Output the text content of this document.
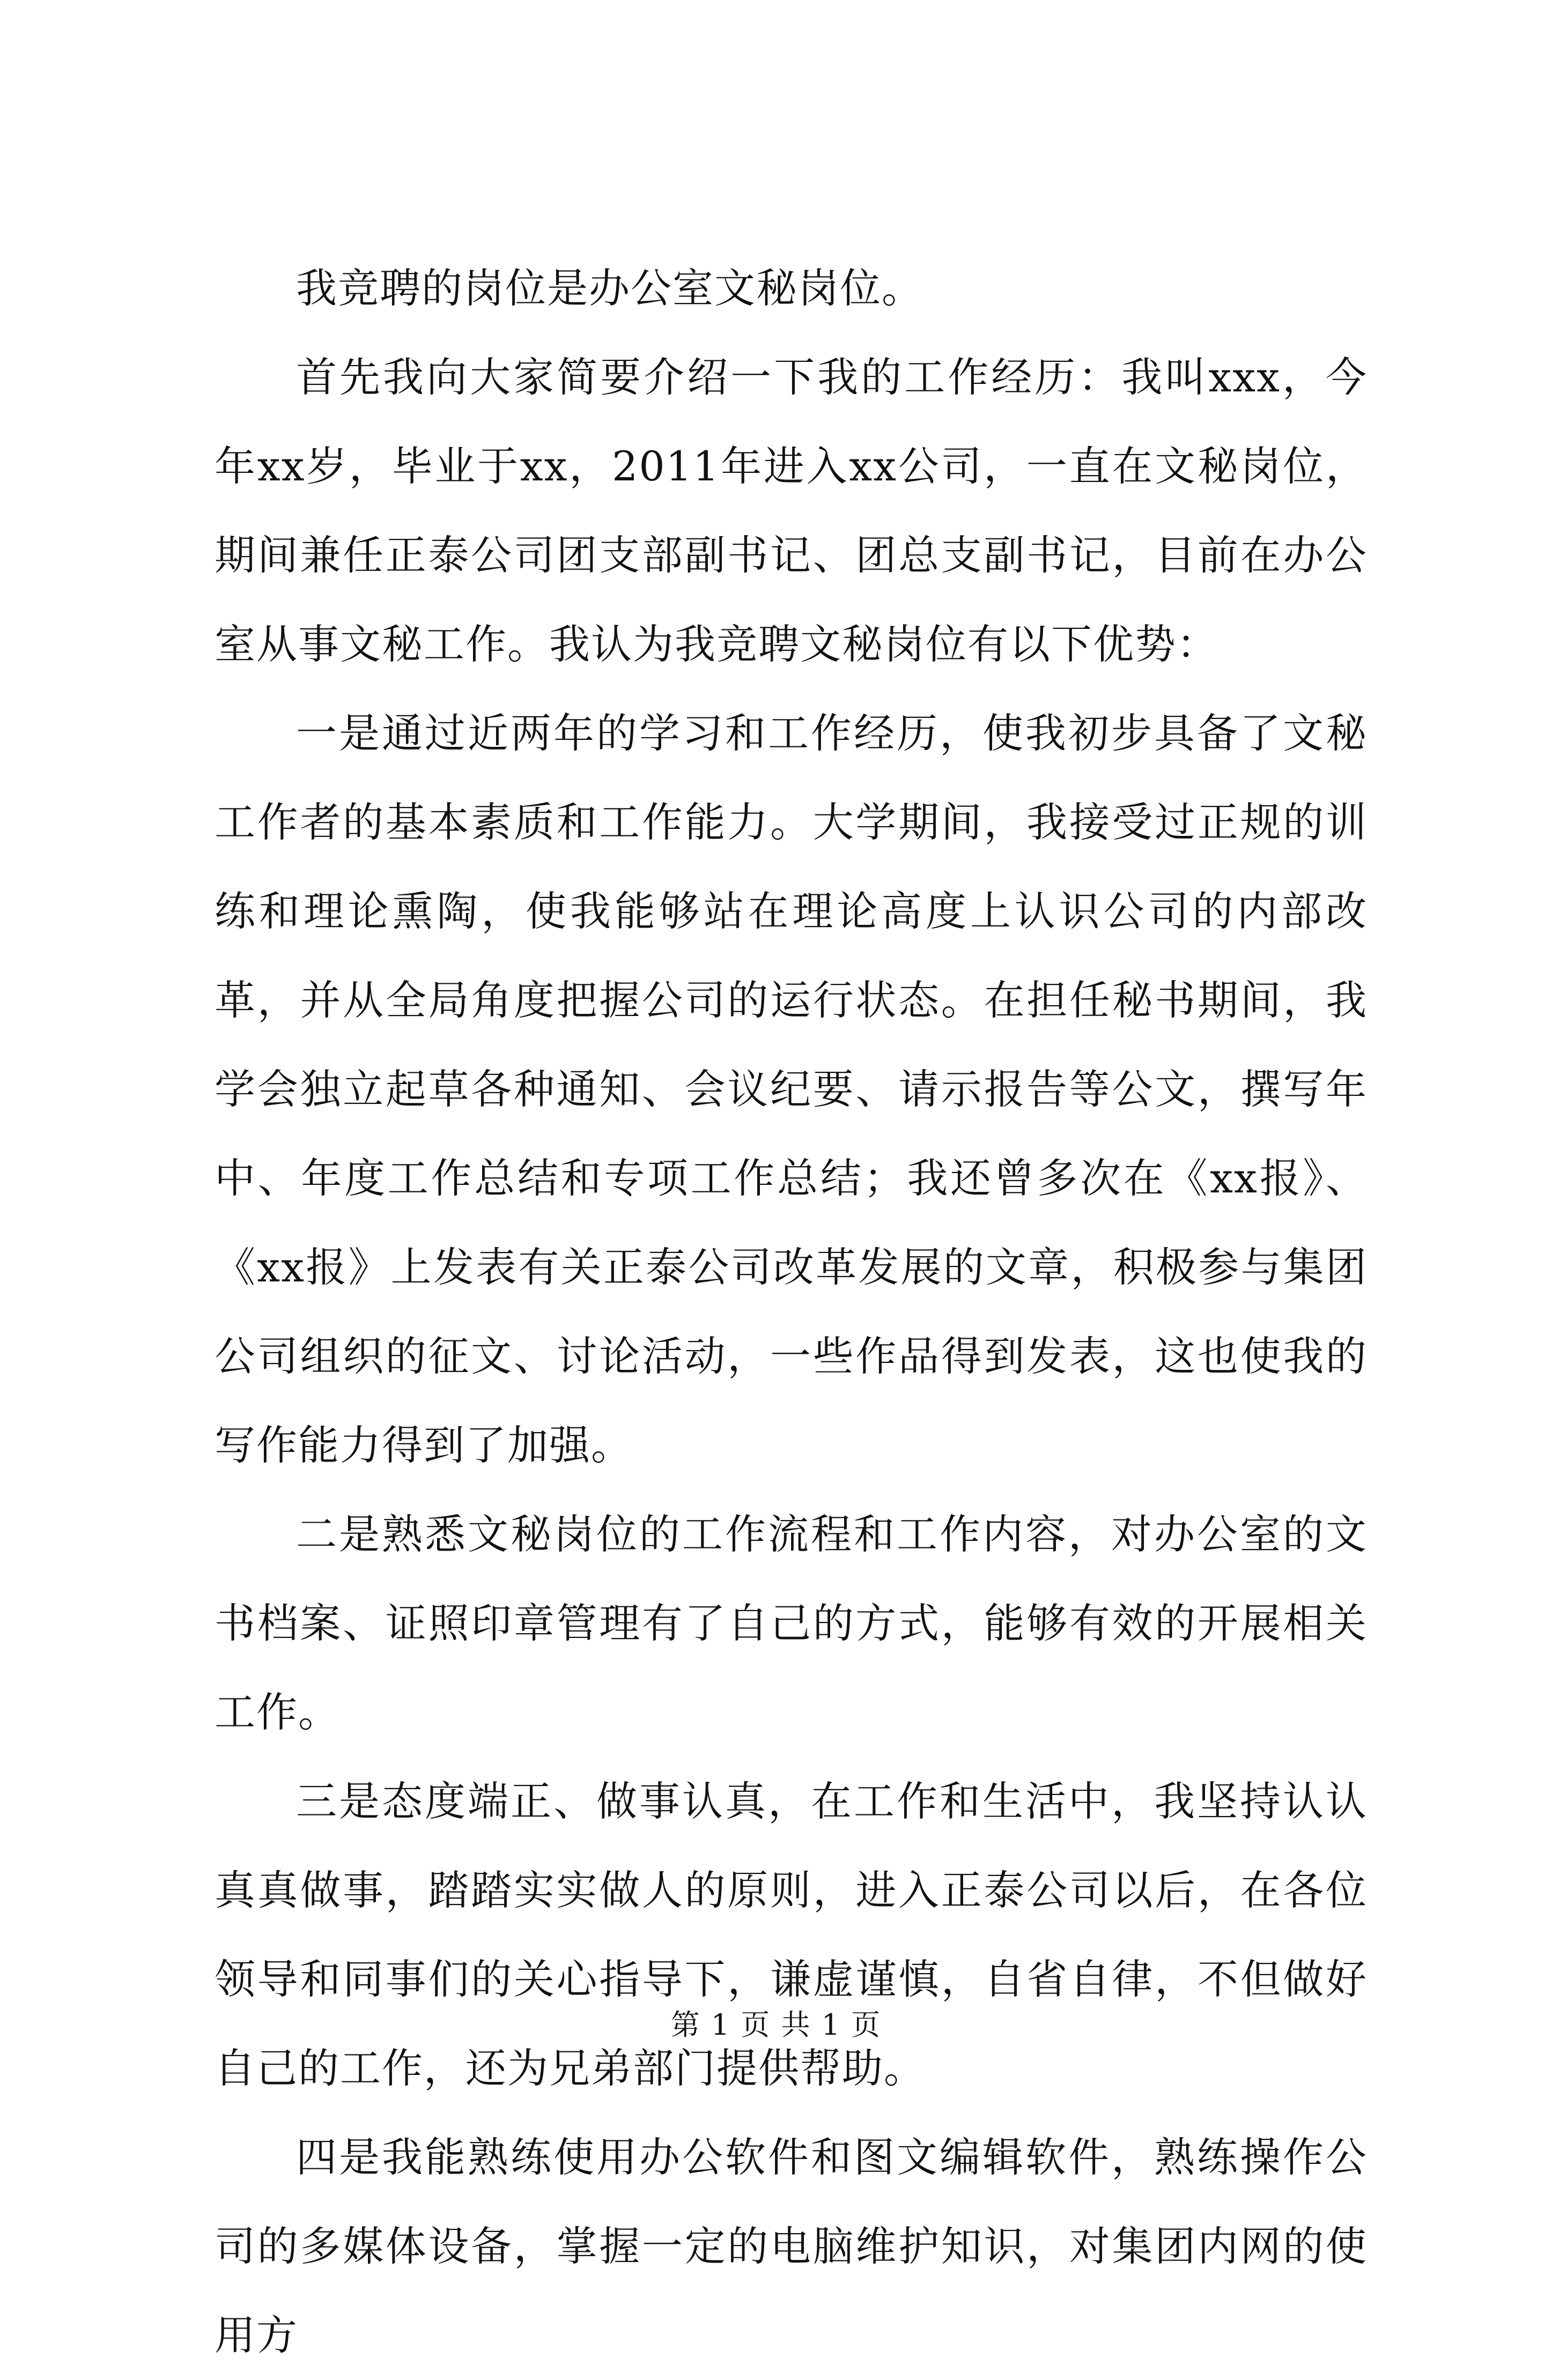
我竞聘的岗位是办公室文秘岗位。

首先我向大家简要介绍一下我的工作经历：我叫xxx，今年xx岁，毕业于xx，2011年进入xx公司，一直在文秘岗位，期间兼任正泰公司团支部副书记、团总支副书记，目前在办公室从事文秘工作。我认为我竞聘文秘岗位有以下优势：

一是通过近两年的学习和工作经历，使我初步具备了文秘工作者的基本素质和工作能力。大学期间，我接受过正规的训练和理论熏陶，使我能够站在理论高度上认识公司的内部改革，并从全局角度把握公司的运行状态。在担任秘书期间，我学会独立起草各种通知、会议纪要、请示报告等公文，撰写年中、年度工作总结和专项工作总结；我还曾多次在《xx报》、《xx报》上发表有关正泰公司改革发展的文章，积极参与集团公司组织的征文、讨论活动，一些作品得到发表，这也使我的写作能力得到了加强。

二是熟悉文秘岗位的工作流程和工作内容，对办公室的文书档案、证照印章管理有了自己的方式，能够有效的开展相关工作。

三是态度端正、做事认真，在工作和生活中，我坚持认认真真做事，踏踏实实做人的原则，进入正泰公司以后，在各位领导和同事们的关心指导下，谦虚谨慎，自省自律，不但做好自己的工作，还为兄弟部门提供帮助。

四是我能熟练使用办公软件和图文编辑软件，熟练操作公司的多媒体设备，掌握一定的电脑维护知识，对集团内网的使用方

第 1 页 共 1 页
